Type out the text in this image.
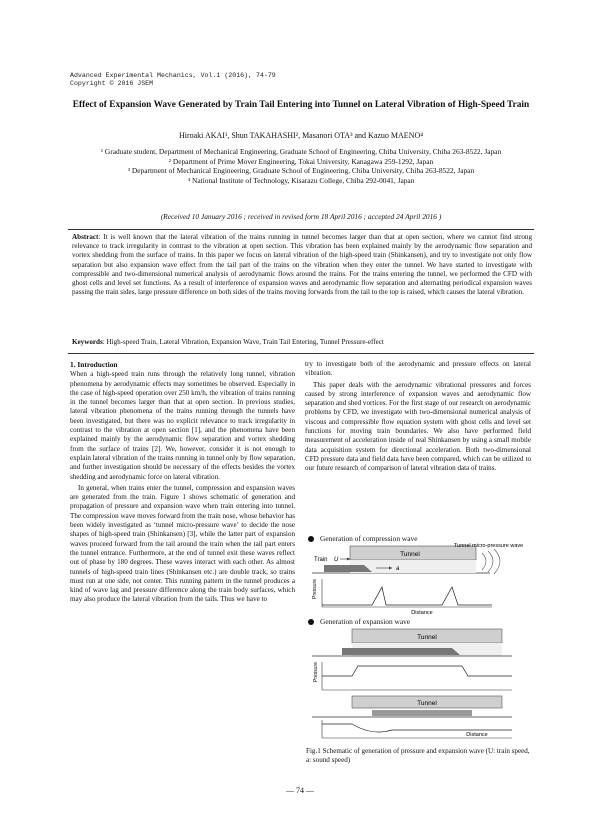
Advanced Experimental Mechanics, Vol.1 (2016), 74-79
Copyright © 2016 JSEM
Effect of Expansion Wave Generated by Train Tail Entering into Tunnel on Lateral Vibration of High-Speed Train
Hiroaki AKAI¹, Shun TAKAHASHI², Masanori OTA³ and Kazuo MAENO⁴
¹ Graduate student, Department of Mechanical Engineering, Graduate School of Engineering, Chiba University, Chiba 263-8522, Japan
² Department of Prime Mover Engineering, Tokai University, Kanagawa 259-1292, Japan
³ Department of Mechanical Engineering, Graduate School of Engineering, Chiba University, Chiba 263-8522, Japan
⁴ National Institute of Technology, Kisarazu College, Chiba 292-0041, Japan
(Received 10 January 2016 ; received in revised form 18 April 2016 ; accepted 24 April 2016 )
Abstract: It is well known that the lateral vibration of the trains running in tunnel becomes larger than that at open section, where we cannot find strong relevance to track irregularity in contrast to the vibration at open section. This vibration has been explained mainly by the aerodynamic flow separation and vortex shedding from the surface of trains. In this paper we focus on lateral vibration of the high-speed train (Shinkansen), and try to investigate not only flow separation but also expansion wave effect from the tail part of the trains on the vibration when they enter the tunnel. We have started to investigate with compressible and two-dimensional numerical analysis of aerodynamic flows around the trains. For the trains entering the tunnel, we performed the CFD with ghost cells and level set functions. As a result of interference of expansion waves and aerodynamic flow separation and alternating periodical expansion waves passing the train sides, large pressure difference on both sides of the trains moving forwards from the tail to the top is raised, which causes the lateral vibration.
Keywords: High-speed Train, Lateral Vibration, Expansion Wave, Train Tail Entering, Tunnel Pressure-effect
1. Introduction

When a high-speed train runs through the relatively long tunnel, vibration phenomena by aerodynamic effects may sometimes be observed. Especially in the case of high-speed operation over 250 km/h, the vibration of trains running in the tunnel becomes larger than that at open section. In previous studies, lateral vibration phenomena of the trains running through the tunnels have been investigated, but there was no explicit relevance to track irregularity in contrast to the vibration at open section [1], and the phenomena have been explained mainly by the aerodynamic flow separation and vortex shedding from the surface of trains [2]. We, however, consider it is not enough to explain lateral vibration of the trains running in tunnel only by flow separation, and further investigation should be necessary of the effects besides the vortex shedding and aerodynamic force on lateral vibration.

In general, when trains enter the tunnel, compression and expansion waves are generated from the train. Figure 1 shows schematic of generation and propagation of pressure and expansion wave when train entering into tunnel. The compression wave moves forward from the train nose, whose behavior has been widely investigated as ‘tunnel micro-pressure wave’ to decide the nose shapes of high-speed train (Shinkansen) [3], while the latter part of expansion waves proceed forward from the tail around the train when the tail part enters the tunnel entrance. Furthermore, at the end of tunnel exit these waves reflect out of phase by 180 degrees. These waves interact with each other. As almost tunnels of high-speed train lines (Shinkansen etc.) are double track, so trains must run at one side, not center. This running pattern in the tunnel produces a kind of wave lag and pressure difference along the train body surfaces, which may also produce the lateral vibration from the tails. Thus we have to

try to investigate both of the aerodynamic and pressure effects on lateral vibration.

This paper deals with the aerodynamic vibrational pressures and forces caused by strong interference of expansion waves and aerodynamic flow separation and shed vortices. For the first stage of our research on aerodynamic problems by CFD, we investigate with two-dimensional numerical analysis of viscous and compressible flow equation system with ghost cells and level set functions for moving train boundaries. We also have performed field measurement of acceleration inside of real Shinkansen by using a small mobile data acquisition system for directional acceleration. Both two-dimensional CFD pressure data and field data have been compared, which can be utilized to our future research of comparison of lateral vibration data of trains.

Generation of compression wave
Tunnel
Tunnel micro-pressure wave
Train U
a
Pressure
Distance
Generation of expansion wave
Tunnel
Pressure
Tunnel
Distance
Fig.1 Schematic of generation of pressure and expansion wave (U: train speed, a: sound speed)
— 74 —
